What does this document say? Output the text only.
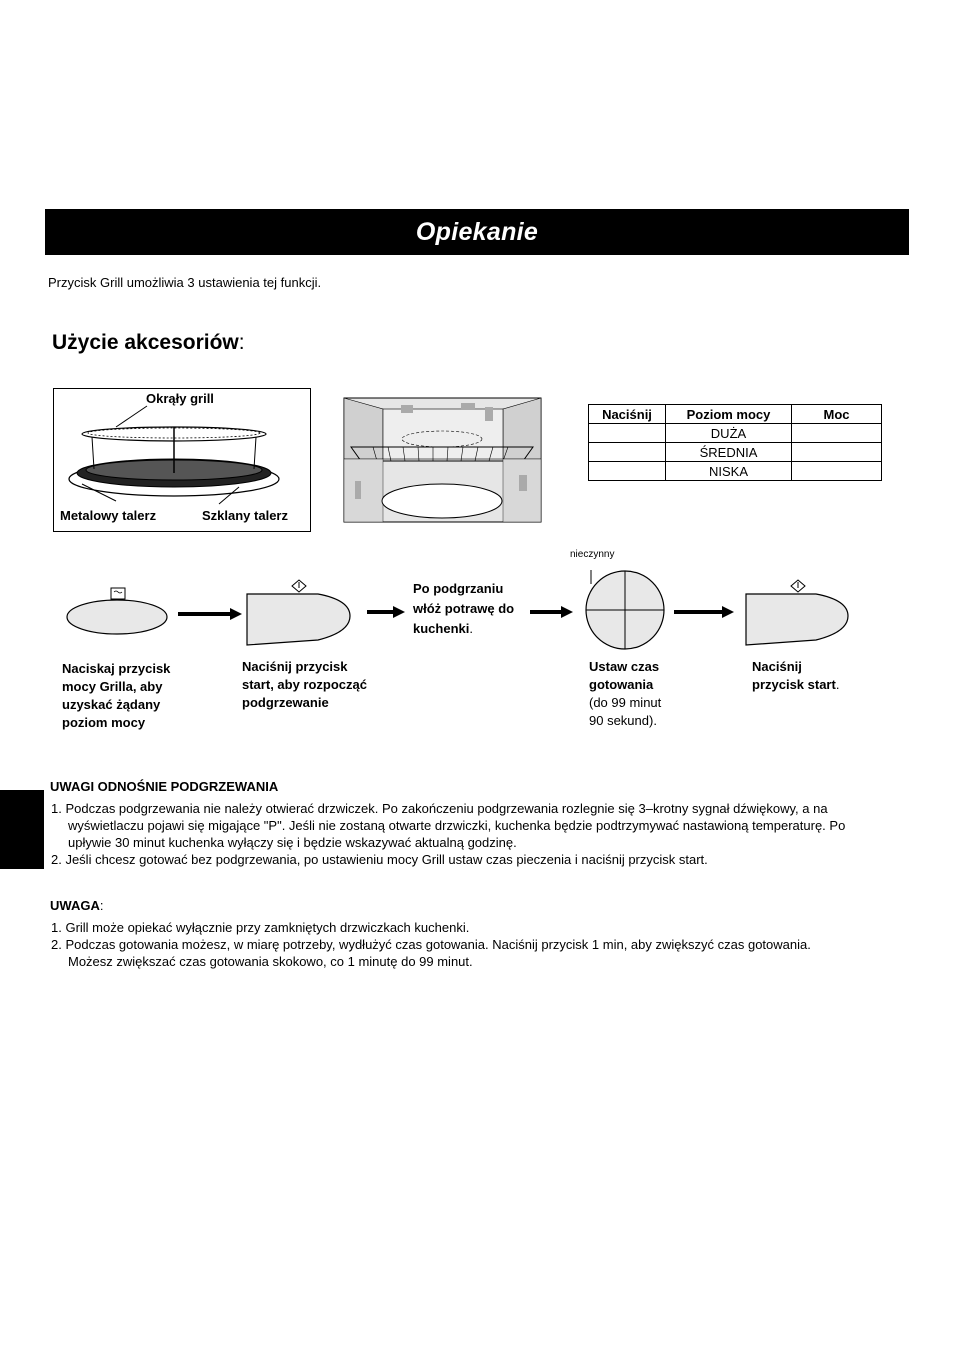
Opiekanie
Przycisk Grill umożliwia 3 ustawienia tej funkcji.
Użycie akcesoriów:
Okrąły grill
Metalowy talerz	Szklany talerz
Naciśnij	Poziom mocy	Moc
	DUŻA	
	ŚREDNIA	
	NISKA	
nieczynny
Naciskaj przycisk
mocy Grilla, aby
uzyskać żądany
poziom mocy
Naciśnij przycisk
start, aby rozpocząć
podgrzewanie
Po podgrzaniu
włóż potrawę do
kuchenki.
Ustaw czas
gotowania
(do 99 minut
90 sekund).
Naciśnij
przycisk start.
UWAGI ODNOŚNIE PODGRZEWANIA
1. Podczas podgrzewania nie należy otwierać drzwiczek. Po zakończeniu podgrzewania rozlegnie się 3–krotny sygnał dźwiękowy, a na wyświetlaczu pojawi się migające "P". Jeśli nie zostaną otwarte drzwiczki, kuchenka będzie podtrzymywać nastawioną temperaturę. Po upływie 30 minut kuchenka wyłączy się i będzie wskazywać aktualną godzinę.
2. Jeśli chcesz gotować bez podgrzewania, po ustawieniu mocy Grill ustaw czas pieczenia i naciśnij przycisk start.
UWAGA:
1. Grill może opiekać wyłącznie przy zamkniętych drzwiczkach kuchenki.
2. Podczas gotowania możesz, w miarę potrzeby, wydłużyć czas gotowania. Naciśnij przycisk 1 min, aby zwiększyć czas gotowania. Możesz zwiększać czas gotowania skokowo, co 1 minutę do 99 minut.
